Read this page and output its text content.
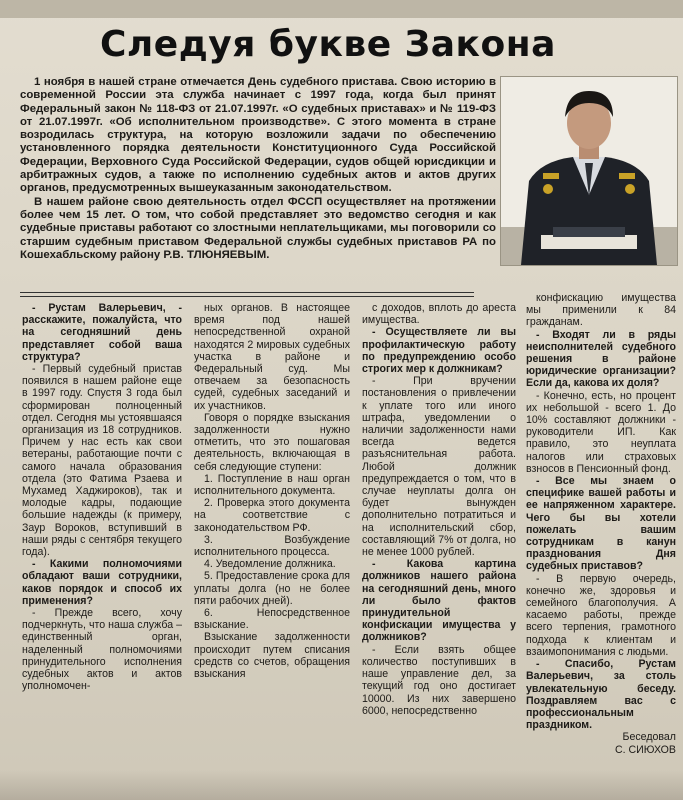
Следуя букве Закона

1 ноября в нашей стране отмечается День судебного пристава. Свою историю в современной России эта служба начинает с 1997 года, когда был принят Федеральный закон № 118-ФЗ от 21.07.1997г. «О судебных приставах» и № 119-ФЗ от 21.07.1997г. «Об исполнительном производстве». С этого момента в стране возродилась структура, на которую возложили задачи по обеспечению установленного порядка деятельности Конституционного Суда Российской Федерации, Верховного Суда Российской Федерации, судов общей юрисдикции и арбитражных судов, а также по исполнению судебных актов и актов других органов, предусмотренных вышеуказанным законодательством.

В нашем районе свою деятельность отдел ФССП осуществляет на протяжении более чем 15 лет. О том, что собой представляет это ведомство сегодня и как судебные приставы работают со злостными неплательщиками, мы поговорили со старшим судебным приставом Федеральной службы судебных приставов РА по Кошехабльскому району Р.В. ТЛЮНЯЕВЫМ.

- Рустам Валерьевич, - расскажите, пожалуйста, что на сегодняшний день представляет собой ваша структура?

- Первый судебный пристав появился в нашем районе еще в 1997 году. Спустя 3 года был сформирован полноценный отдел. Сегодня мы устоявшаяся организация из 18 сотрудников. Причем у нас есть как свои ветераны, работающие почти с самого начала образования отдела (это Фатима Рзаева и Мухамед Хаджироков), так и молодые кадры, подающие большие надежды (к примеру, Заур Вороков, вступивший в наши ряды с сентября текущего года).

- Какими полномочиями обладают ваши сотрудники, каков порядок и способ их применения?

- Прежде всего, хочу подчеркнуть, что наша служба – единственный орган, наделенный полномочиями принудительного исполнения судебных актов и актов уполномочен-

ных органов. В настоящее время под нашей непосредственной охраной находятся 2 мировых судебных участка в районе и Федеральный суд. Мы отвечаем за безопасность судей, судебных заседаний и их участников.

Говоря о порядке взыскания задолженности нужно отметить, что это пошаговая деятельность, включающая в себя следующие ступени:

1. Поступление в наш орган исполнительного документа.

2. Проверка этого документа на соответствие с законодательством РФ.

3. Возбуждение исполнительного процесса.

4. Уведомление должника.

5. Предоставление срока для уплаты долга (но не более пяти рабочих дней).

6. Непосредственное взыскание.

Взыскание задолженности происходит путем списания средств со счетов, обращения взыскания

с доходов, вплоть до ареста имущества.

- Осуществляете ли вы профилактическую работу по предупреждению особо строгих мер к должникам?

- При вручении постановления о привлечении к уплате того или иного штрафа, уведомлении о наличии задолженности нами всегда ведется разъяснительная работа. Любой должник предупреждается о том, что в случае неуплаты долга он будет вынужден дополнительно потратиться и на исполнительский сбор, составляющий 7% от долга, но не менее 1000 рублей.

- Какова картина должников нашего района на сегодняшний день, много ли было фактов принудительной конфискации имущества у должников?

- Если взять общее количество поступивших в наше управление дел, за текущий год оно достигает 10000. Из них завершено 6000, непосредственно

конфискацию имущества мы применили к 84 гражданам.

- Входят ли в ряды неисполнителей судебного решения в районе юридические организации? Если да, какова их доля?

- Конечно, есть, но процент их небольшой - всего 1. До 10% составляют должники - руководители ИП. Как правило, это неуплата налогов или страховых взносов в Пенсионный фонд.

- Все мы знаем о специфике вашей работы и ее напряженном характере. Чего бы вы хотели пожелать вашим сотрудникам в канун празднования Дня судебных приставов?

- В первую очередь, конечно же, здоровья и семейного благополучия. А касаемо работы, прежде всего терпения, грамотного подхода к клиентам и взаимопонимания с людьми.

- Спасибо, Рустам Валерьевич, за столь увлекательную беседу. Поздравляем вас с профессиональным праздником.

Беседовал

С. СИЮХОВ
